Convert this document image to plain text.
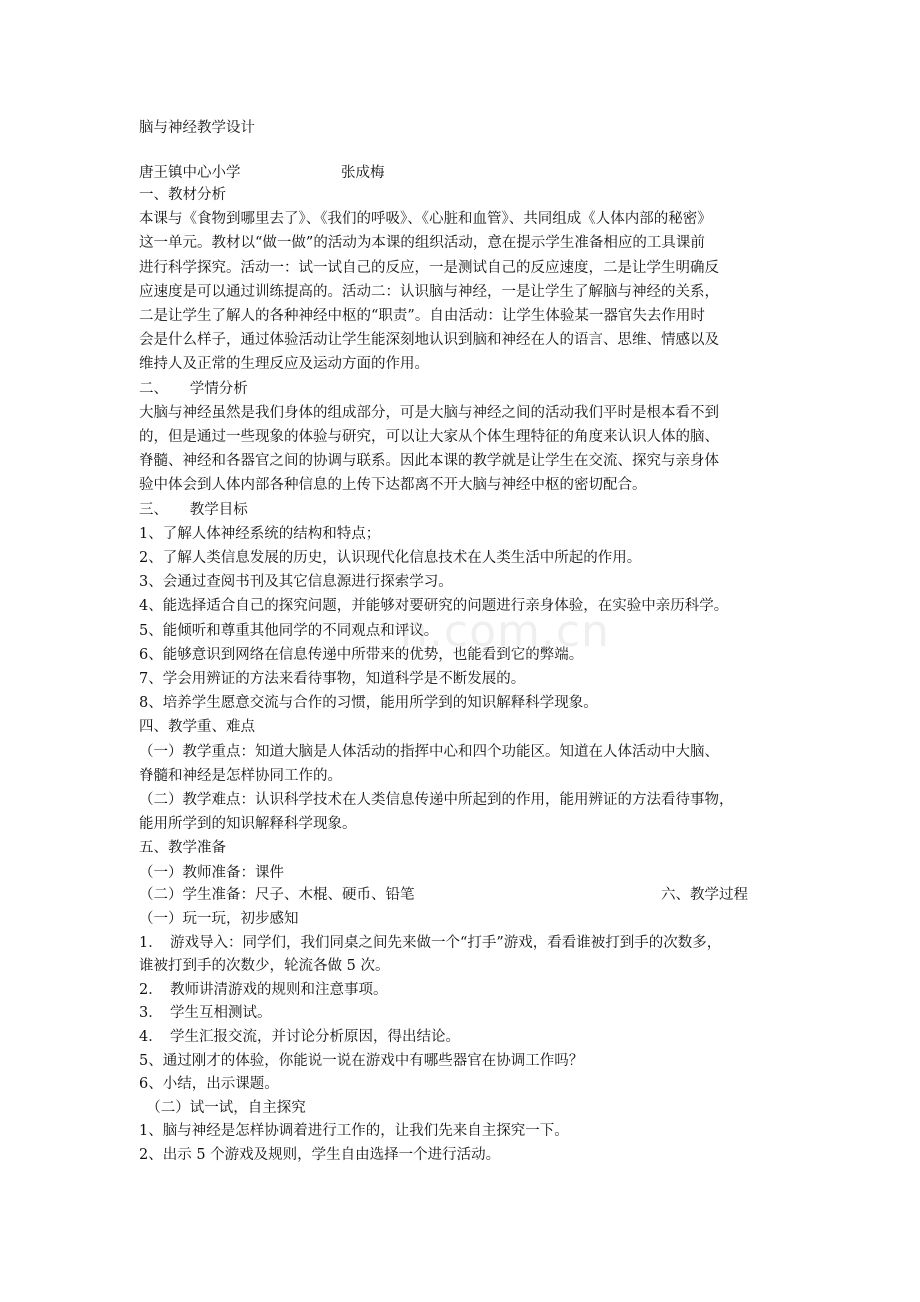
n.com.cn
脑与神经教学设计
唐王镇中心小学	张成梅
一、教材分析
本课与《食物到哪里去了》、《我们的呼吸》、《心脏和血管》、共同组成《人体内部的秘密》
这一单元。教材以“做一做”的活动为本课的组织活动，意在提示学生准备相应的工具课前
进行科学探究。活动一：试一试自己的反应，一是测试自己的反应速度，二是让学生明确反
应速度是可以通过训练提高的。活动二：认识脑与神经，一是让学生了解脑与神经的关系，
二是让学生了解人的各种神经中枢的“职责”。自由活动：让学生体验某一器官失去作用时
会是什么样子，通过体验活动让学生能深刻地认识到脑和神经在人的语言、思维、情感以及
维持人及正常的生理反应及运动方面的作用。
二、　　学情分析
大脑与神经虽然是我们身体的组成部分，可是大脑与神经之间的活动我们平时是根本看不到
的，但是通过一些现象的体验与研究，可以让大家从个体生理特征的角度来认识人体的脑、
脊髓、神经和各器官之间的协调与联系。因此本课的教学就是让学生在交流、探究与亲身体
验中体会到人体内部各种信息的上传下达都离不开大脑与神经中枢的密切配合。
三、　　教学目标
1、了解人体神经系统的结构和特点；
2、了解人类信息发展的历史，认识现代化信息技术在人类生活中所起的作用。
3、会通过查阅书刊及其它信息源进行探索学习。
4、能选择适合自己的探究问题，并能够对要研究的问题进行亲身体验，在实验中亲历科学。
5、能倾听和尊重其他同学的不同观点和评议。
6、能够意识到网络在信息传递中所带来的优势，也能看到它的弊端。
7、学会用辨证的方法来看待事物，知道科学是不断发展的。
8、培养学生愿意交流与合作的习惯，能用所学到的知识解释科学现象。
四、教学重、难点
（一）教学重点：知道大脑是人体活动的指挥中心和四个功能区。知道在人体活动中大脑、
脊髓和神经是怎样协同工作的。
（二）教学难点：认识科学技术在人类信息传递中所起到的作用，能用辨证的方法看待事物，
能用所学到的知识解释科学现象。
五、教学准备
（一）教师准备：课件
（二）学生准备：尺子、木棍、硬币、铅笔	六、教学过程
（一）玩一玩，初步感知
1．　游戏导入：同学们，我们同桌之间先来做一个“打手”游戏，看看谁被打到手的次数多，
谁被打到手的次数少，轮流各做 5 次。
2．　教师讲清游戏的规则和注意事项。
3．　学生互相测试。
4．　学生汇报交流，并讨论分析原因，得出结论。
5、通过刚才的体验，你能说一说在游戏中有哪些器官在协调工作吗？
6、小结，出示课题。
　（二）试一试，自主探究
1、脑与神经是怎样协调着进行工作的，让我们先来自主探究一下。
2、出示 5 个游戏及规则，学生自由选择一个进行活动。
